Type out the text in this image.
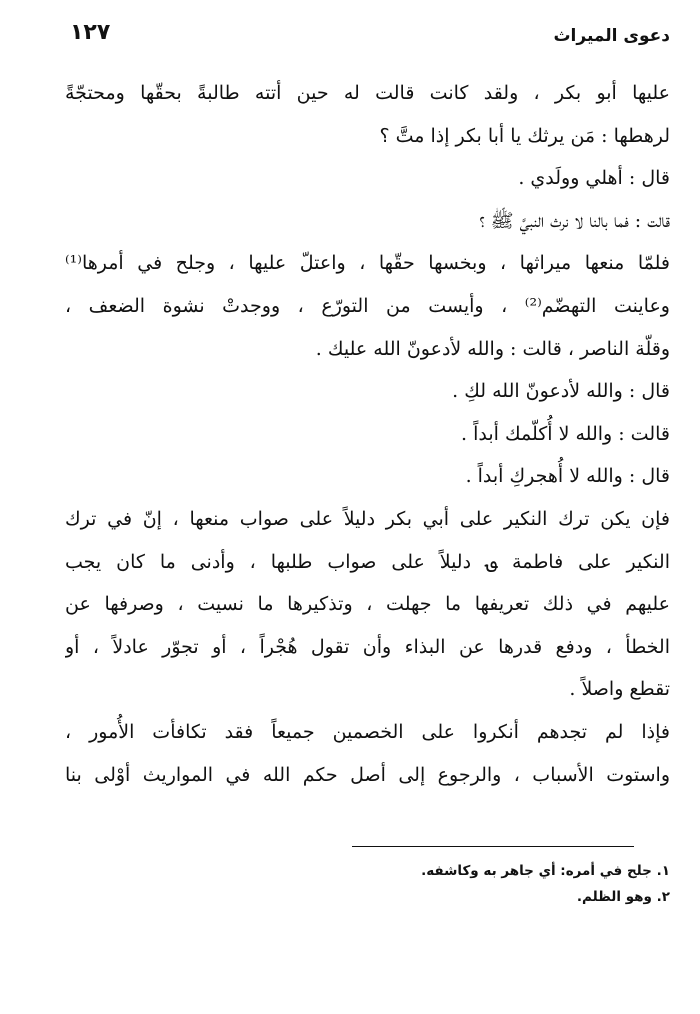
دعوى الميراث
١٢٧
عليها أبو بكر ، ولقد كانت قالت له حين أتته طالبةً بحقّها ومحتجّةً
لرهطها : مَن يرثك يا أبا بكر إذا متَّ ؟
قال : أهلي وولَدي .
قالت : فما بالنا لا نرث النبيَّ ﷺ ؟
فلمّا منعها ميراثها ، وبخسها حقّها ، واعتلّ عليها ، وجلح في أمرها⁽¹⁾
وعاينت التهضّم⁽²⁾ ، وأيست من التورّع ، ووجدتْ نشوة الضعف ،
وقلّة الناصر ، قالت : والله لأدعونّ الله عليك .
قال : والله لأدعونّ الله لكِ .
قالت : والله لا أُكلّمك أبداً .
قال : والله لا أُهجركِ أبداً .
فإن يكن ترك النكير على أبي بكر دليلاً على صواب منعها ، إنّ في ترك
النكير على فاطمة ؈ دليلاً على صواب طلبها ، وأدنى ما كان يجب
عليهم في ذلك تعريفها ما جهلت ، وتذكيرها ما نسيت ، وصرفها عن
الخطأ ، ودفع قدرها عن البذاء وأن تقول هُجْراً ، أو تجوّر عادلاً ، أو
تقطع واصلاً .
فإذا لم تجدهم أنكروا على الخصمين جميعاً فقد تكافأت الأُمور ،
واستوت الأسباب ، والرجوع إلى أصل حكم الله في المواريث أوْلى بنا
١. جلح في أمره: أي جاهر به وكاشفه.
٢. وهو الظلم.
